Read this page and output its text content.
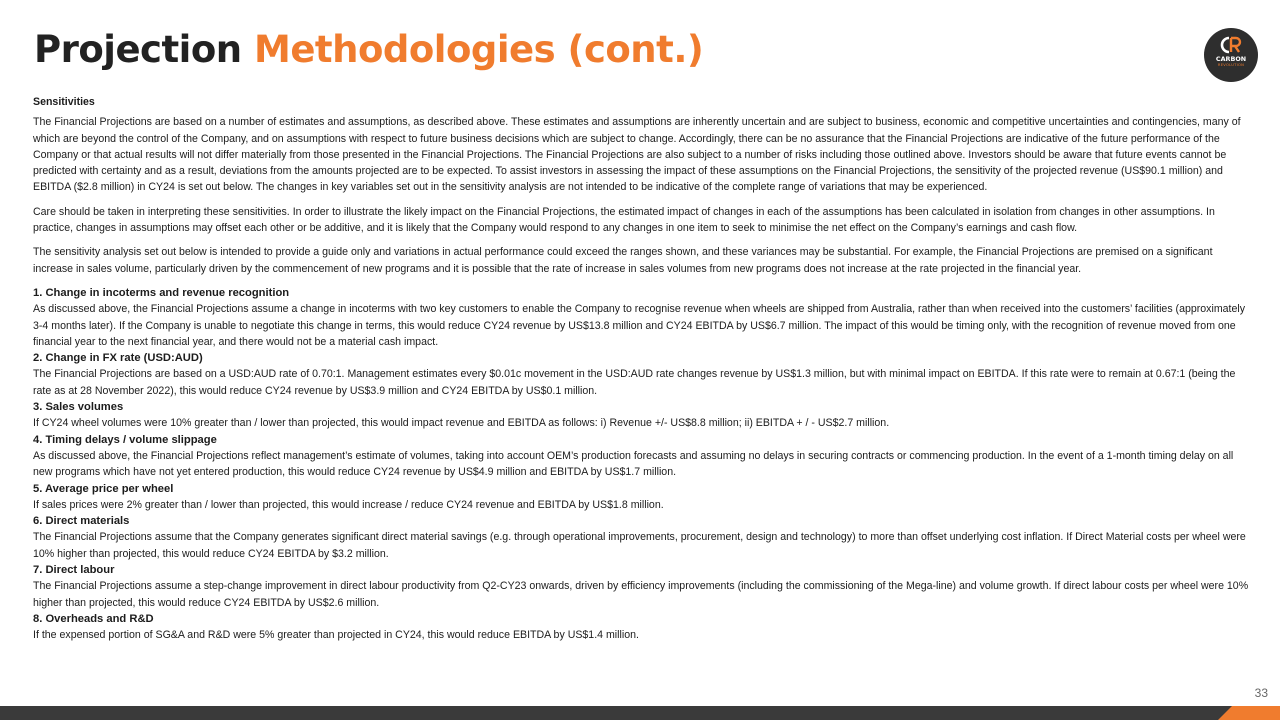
Projection Methodologies (cont.)	CARBON
REVOLUTION

Sensitivities

The Financial Projections are based on a number of estimates and assumptions, as described above. These estimates and assumptions are inherently uncertain and are subject to business, economic and competitive uncertainties and contingencies, many of which are beyond the control of the Company, and on assumptions with respect to future business decisions which are subject to change. Accordingly, there can be no assurance that the Financial Projections are indicative of the future performance of the Company or that actual results will not differ materially from those presented in the Financial Projections. The Financial Projections are also subject to a number of risks including those outlined above. Investors should be aware that future events cannot be predicted with certainty and as a result, deviations from the amounts projected are to be expected. To assist investors in assessing the impact of these assumptions on the Financial Projections, the sensitivity of the projected revenue (US$90.1 million) and EBITDA ($2.8 million) in CY24 is set out below. The changes in key variables set out in the sensitivity analysis are not intended to be indicative of the complete range of variations that may be experienced.

Care should be taken in interpreting these sensitivities. In order to illustrate the likely impact on the Financial Projections, the estimated impact of changes in each of the assumptions has been calculated in isolation from changes in other assumptions. In practice, changes in assumptions may offset each other or be additive, and it is likely that the Company would respond to any changes in one item to seek to minimise the net effect on the Company’s earnings and cash flow.

The sensitivity analysis set out below is intended to provide a guide only and variations in actual performance could exceed the ranges shown, and these variances may be substantial. For example, the Financial Projections are premised on a significant increase in sales volume, particularly driven by the commencement of new programs and it is possible that the rate of increase in sales volumes from new programs does not increase at the rate projected in the financial year.

1. Change in incoterms and revenue recognition

As discussed above, the Financial Projections assume a change in incoterms with two key customers to enable the Company to recognise revenue when wheels are shipped from Australia, rather than when received into the customers’ facilities (approximately 3-4 months later). If the Company is unable to negotiate this change in terms, this would reduce CY24 revenue by US$13.8 million and CY24 EBITDA by US$6.7 million. The impact of this would be timing only, with the recognition of revenue moved from one financial year to the next financial year, and there would not be a material cash impact.

2. Change in FX rate (USD:AUD)

The Financial Projections are based on a USD:AUD rate of 0.70:1. Management estimates every $0.01c movement in the USD:AUD rate changes revenue by US$1.3 million, but with minimal impact on EBITDA. If this rate were to remain at 0.67:1 (being the rate as at 28 November 2022), this would reduce CY24 revenue by US$3.9 million and CY24 EBITDA by US$0.1 million.

3. Sales volumes

If CY24 wheel volumes were 10% greater than / lower than projected, this would impact revenue and EBITDA as follows: i) Revenue +/- US$8.8 million; ii) EBITDA + / - US$2.7 million.

4. Timing delays / volume slippage

As discussed above, the Financial Projections reflect management’s estimate of volumes, taking into account OEM’s production forecasts and assuming no delays in securing contracts or commencing production. In the event of a 1-month timing delay on all new programs which have not yet entered production, this would reduce CY24 revenue by US$4.9 million and EBITDA by US$1.7 million.

5. Average price per wheel

If sales prices were 2% greater than / lower than projected, this would increase / reduce CY24 revenue and EBITDA by US$1.8 million.

6. Direct materials

The Financial Projections assume that the Company generates significant direct material savings (e.g. through operational improvements, procurement, design and technology) to more than offset underlying cost inflation. If Direct Material costs per wheel were 10% higher than projected, this would reduce CY24 EBITDA by $3.2 million.

7. Direct labour

The Financial Projections assume a step-change improvement in direct labour productivity from Q2-CY23 onwards, driven by efficiency improvements (including the commissioning of the Mega-line) and volume growth. If direct labour costs per wheel were 10% higher than projected, this would reduce CY24 EBITDA by US$2.6 million.

8. Overheads and R&D

If the expensed portion of SG&A and R&D were 5% greater than projected in CY24, this would reduce EBITDA by US$1.4 million.

33
